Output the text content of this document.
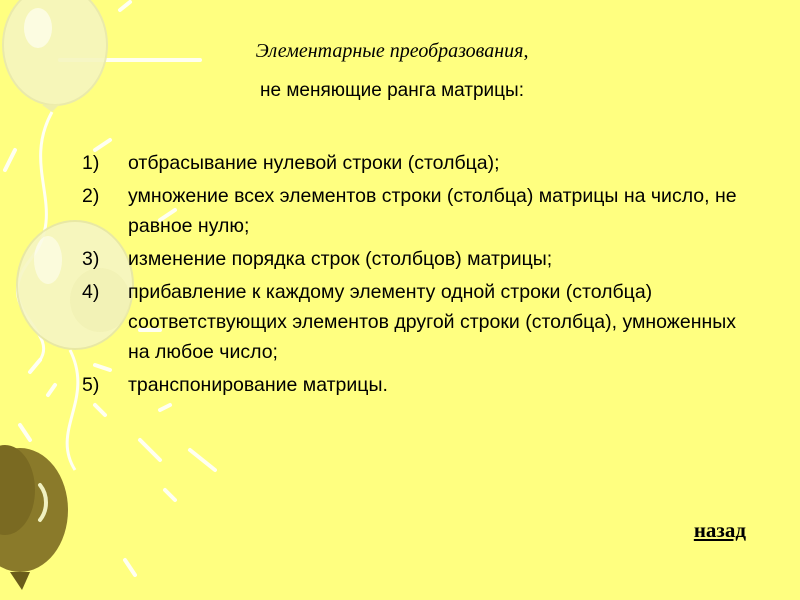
Элементарные преобразования,
не меняющие ранга матрицы:
1) отбрасывание нулевой строки (столбца);
2) умножение всех элементов строки (столбца) матрицы на число, не равное нулю;
3) изменение порядка строк (столбцов) матрицы;
4) прибавление к каждому элементу одной строки (столбца) соответствующих элементов другой строки (столбца), умноженных на любое число;
5) транспонирование матрицы.
назад
